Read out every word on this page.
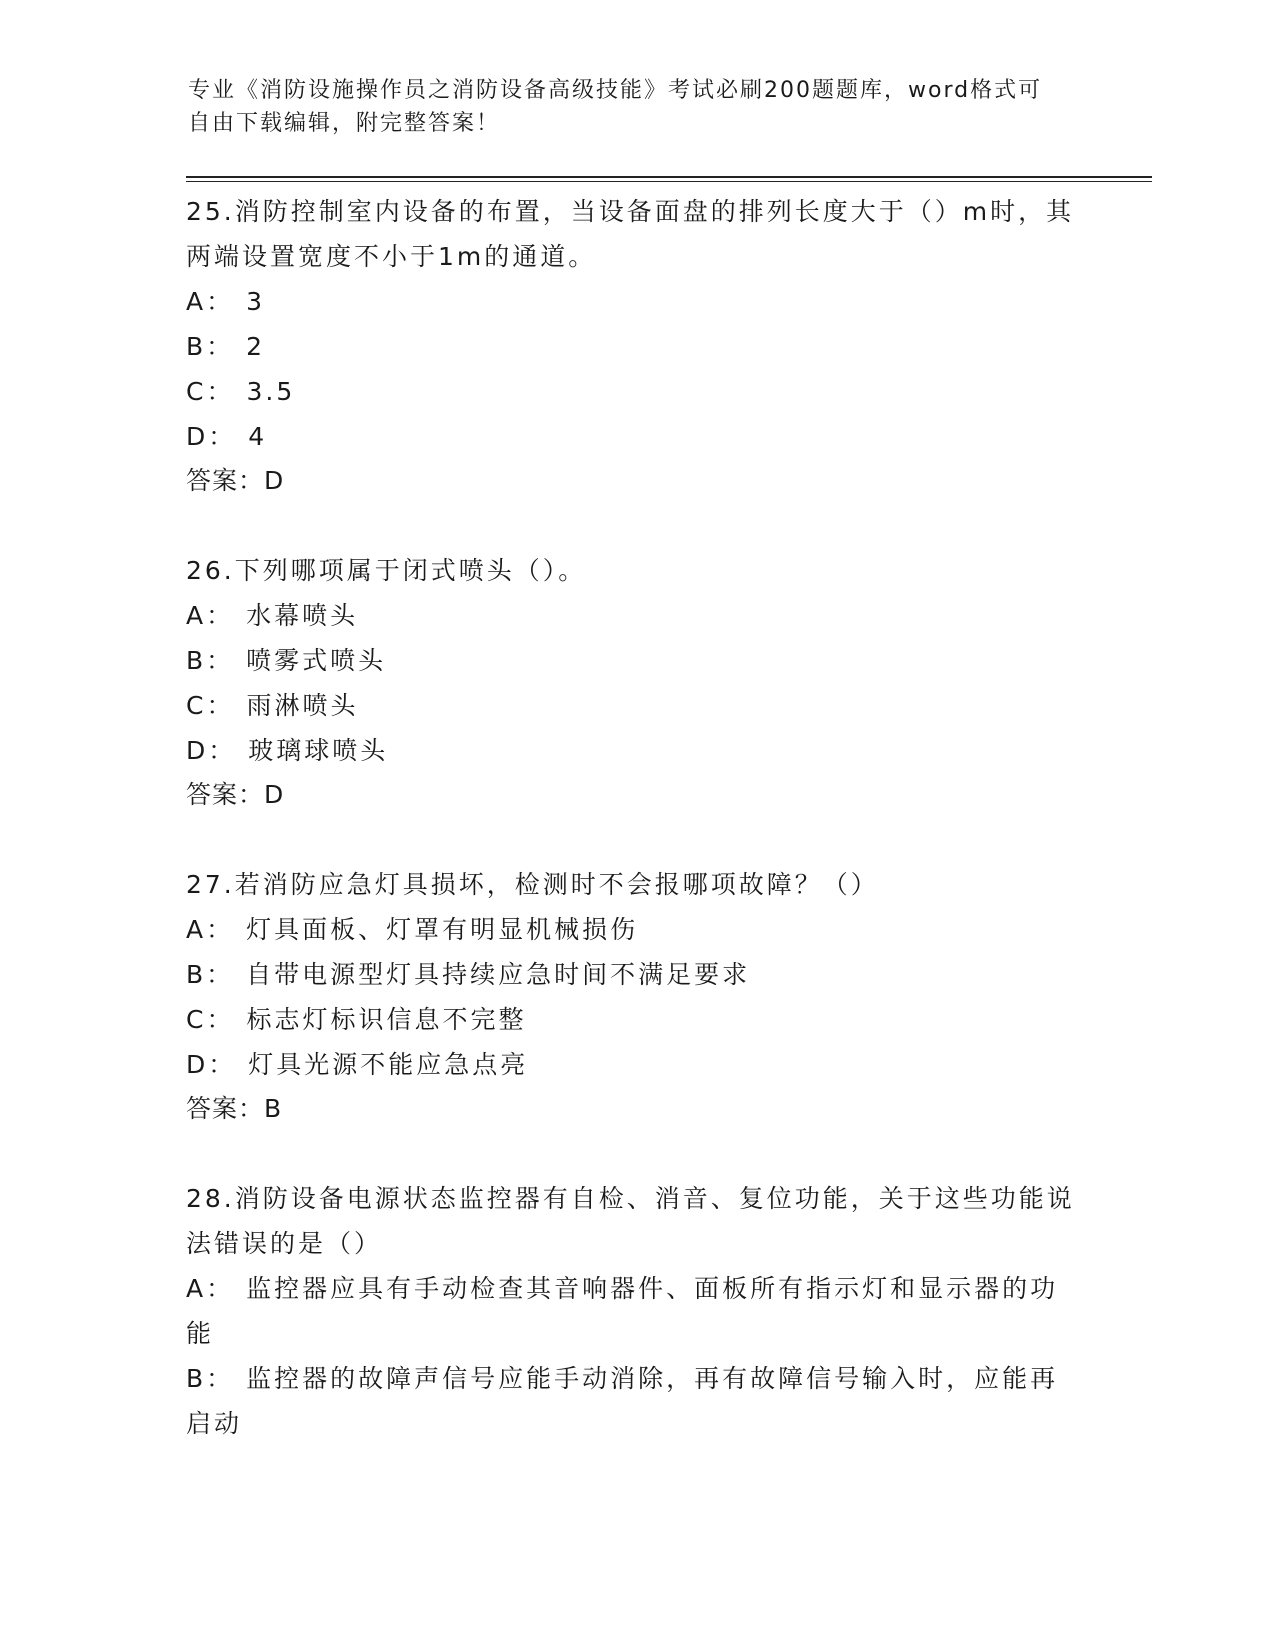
专业《消防设施操作员之消防设备高级技能》考试必刷200题题库，word格式可
自由下载编辑，附完整答案！
25.消防控制室内设备的布置，当设备面盘的排列长度大于（）m时，其两端设置宽度不小于1m的通道。
A： 3
B： 2
C： 3.5
D： 4
答案：D
26.下列哪项属于闭式喷头（）。
A： 水幕喷头
B： 喷雾式喷头
C： 雨淋喷头
D： 玻璃球喷头
答案：D
27.若消防应急灯具损坏，检测时不会报哪项故障？（）
A： 灯具面板、灯罩有明显机械损伤
B： 自带电源型灯具持续应急时间不满足要求
C： 标志灯标识信息不完整
D： 灯具光源不能应急点亮
答案：B
28.消防设备电源状态监控器有自检、消音、复位功能，关于这些功能说法错误的是（）
A： 监控器应具有手动检查其音响器件、面板所有指示灯和显示器的功能
B： 监控器的故障声信号应能手动消除，再有故障信号输入时，应能再启动
